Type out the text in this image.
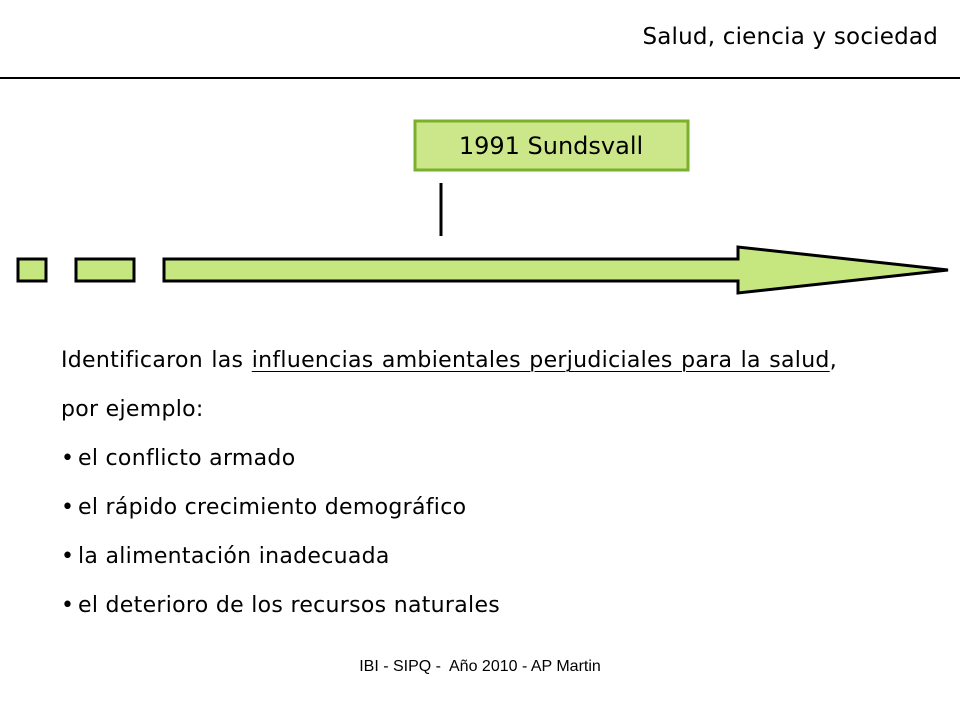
Salud, ciencia y sociedad
1991 Sundsvall

Identificaron las influencias ambientales perjudiciales para la salud, por ejemplo:

• el conflicto armado
• el rápido crecimiento demográfico
• la alimentación inadecuada
• el deterioro de los recursos naturales
IBI - SIPQ -  Año 2010 - AP Martin
